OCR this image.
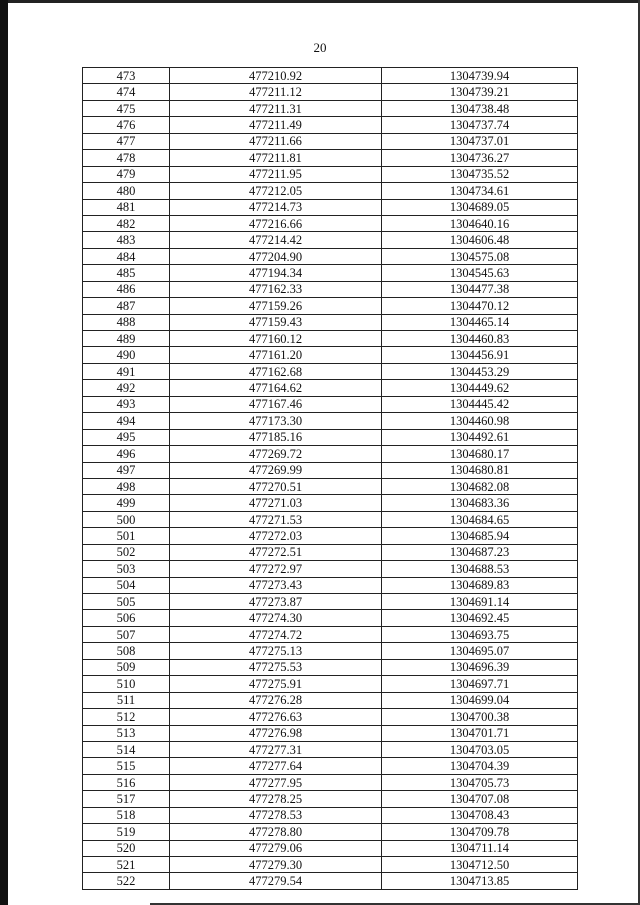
20
473	477210.92	1304739.94
474	477211.12	1304739.21
475	477211.31	1304738.48
476	477211.49	1304737.74
477	477211.66	1304737.01
478	477211.81	1304736.27
479	477211.95	1304735.52
480	477212.05	1304734.61
481	477214.73	1304689.05
482	477216.66	1304640.16
483	477214.42	1304606.48
484	477204.90	1304575.08
485	477194.34	1304545.63
486	477162.33	1304477.38
487	477159.26	1304470.12
488	477159.43	1304465.14
489	477160.12	1304460.83
490	477161.20	1304456.91
491	477162.68	1304453.29
492	477164.62	1304449.62
493	477167.46	1304445.42
494	477173.30	1304460.98
495	477185.16	1304492.61
496	477269.72	1304680.17
497	477269.99	1304680.81
498	477270.51	1304682.08
499	477271.03	1304683.36
500	477271.53	1304684.65
501	477272.03	1304685.94
502	477272.51	1304687.23
503	477272.97	1304688.53
504	477273.43	1304689.83
505	477273.87	1304691.14
506	477274.30	1304692.45
507	477274.72	1304693.75
508	477275.13	1304695.07
509	477275.53	1304696.39
510	477275.91	1304697.71
511	477276.28	1304699.04
512	477276.63	1304700.38
513	477276.98	1304701.71
514	477277.31	1304703.05
515	477277.64	1304704.39
516	477277.95	1304705.73
517	477278.25	1304707.08
518	477278.53	1304708.43
519	477278.80	1304709.78
520	477279.06	1304711.14
521	477279.30	1304712.50
522	477279.54	1304713.85
